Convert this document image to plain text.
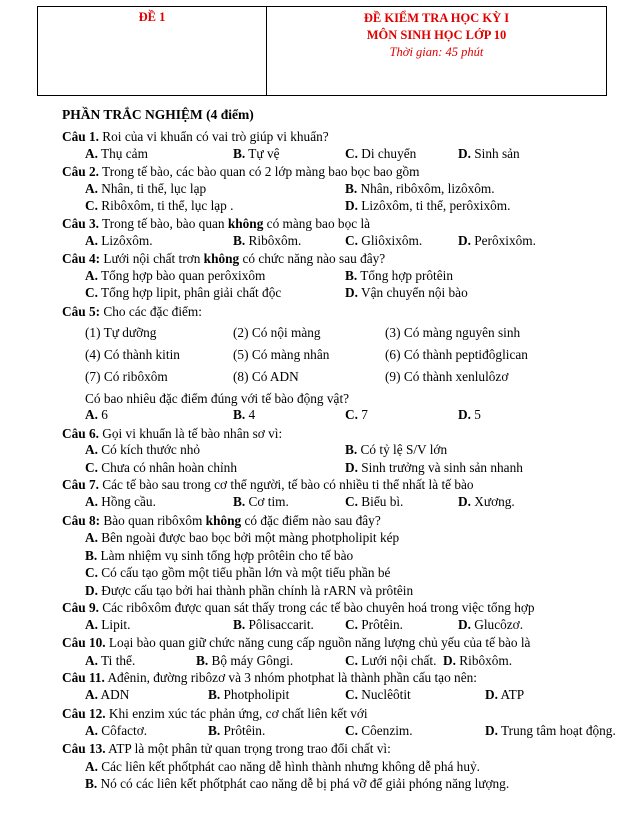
ĐỀ 1	ĐỀ KIỂM TRA HỌC KỲ I
MÔN SINH HỌC LỚP 10
Thời gian: 45 phút
PHẦN TRẮC NGHIỆM (4 điểm)
Câu 1. Roi của vi khuẩn có vai trò giúp vi khuẩn?
A. Thụ cảm	B. Tự vệ	C. Di chuyển	D. Sinh sản
Câu 2. Trong tế bào, các bào quan có 2 lớp màng bao bọc bao gồm
A. Nhân, ti thể, lục lạp	B. Nhân, ribôxôm, lizôxôm.
C. Ribôxôm, ti thể, lục lạp .	D. Lizôxôm, ti thể, perôxixôm.
Câu 3. Trong tế bào, bào quan không có màng bao bọc là
A. Lizôxôm.	B. Ribôxôm.	C. Gliôxixôm.	D. Perôxixôm.
Câu 4: Lưới nội chất trơn không có chức năng nào sau đây?
A. Tổng hợp bào quan perôxixôm	B. Tổng hợp prôtêin
C. Tổng hợp lipit, phân giải chất độc	D. Vận chuyển nội bào
Câu 5: Cho các đặc điểm:
(1) Tự dưỡng	(2) Có nội màng	(3) Có màng nguyên sinh
(4) Có thành kitin	(5) Có màng nhân	(6) Có thành peptiđôglican
(7) Có ribôxôm	(8) Có ADN	(9) Có thành xenlulôzơ
Có bao nhiêu đặc điểm đúng với tế bào động vật?
A. 6	B. 4	C. 7	D. 5
Câu 6. Gọi vi khuẩn là tế bào nhân sơ vì:
A. Có kích thước nhỏ	B. Có tỷ lệ S/V lớn
C. Chưa có nhân hoàn chỉnh	D. Sinh trưởng và sinh sản nhanh
Câu 7. Các tế bào sau trong cơ thể người, tế bào có nhiều ti thể nhất là tế bào
A. Hồng cầu.	B. Cơ tim.	C. Biểu bì.	D. Xương.
Câu 8: Bào quan ribôxôm không có đặc điểm nào sau đây?
A. Bên ngoài được bao bọc bởi một màng photpholipit kép
B. Làm nhiệm vụ sinh tổng hợp prôtêin cho tế bào
C. Có cấu tạo gồm một tiểu phần lớn và một tiểu phần bé
D. Được cấu tạo bởi hai thành phần chính là rARN và prôtêin
Câu 9. Các ribôxôm được quan sát thấy trong các tế bào chuyên hoá trong việc tổng hợp
A. Lipit.	B. Pôlisaccarit. C. Prôtêin.	D. Glucôzơ.
Câu 10. Loại bào quan giữ chức năng cung cấp nguồn năng lượng chủ yếu của tế bào là
A. Ti thể.	B. Bộ máy Gôngi.	C. Lưới nội chất. D. Ribôxôm.
Câu 11. Ađênin, đường ribôzơ và 3 nhóm photphat là thành phần cấu tạo nên:
A. ADN	B. Photpholipit	C. Nuclêôtit	D. ATP
Câu 12. Khi enzim xúc tác phản ứng, cơ chất liên kết với
A. Côfactơ.	B. Prôtêin.	C. Côenzim.	D. Trung tâm hoạt động.
Câu 13. ATP là một phân tử quan trọng trong trao đổi chất vì:
A. Các liên kết phốtphát cao năng dễ hình thành nhưng không dễ phá huỷ.
B. Nó có các liên kết phốtphát cao năng dễ bị phá vỡ để giải phóng năng lượng.
